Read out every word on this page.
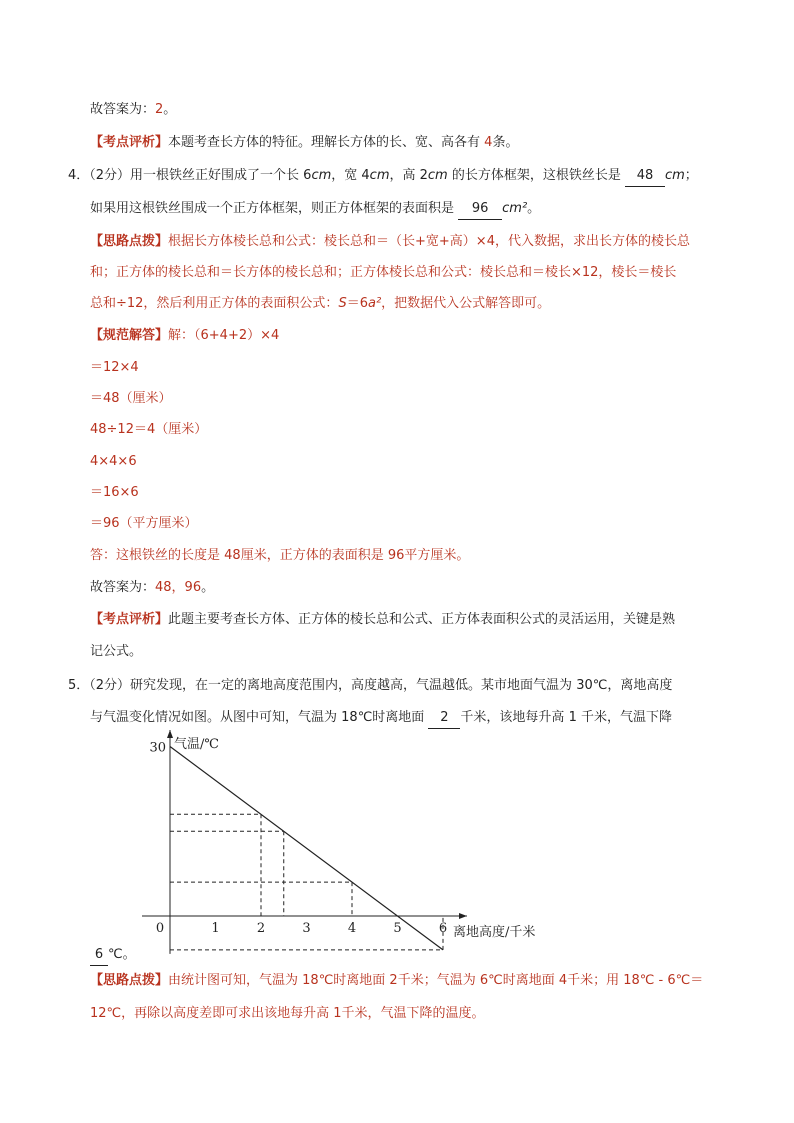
故答案为：2。
【考点评析】本题考查长方体的特征。理解长方体的长、宽、高各有 4条。
4．（2分）用一根铁丝正好围成了一个长 6cm，宽 4cm，高 2cm 的长方体框架，这根铁丝长是 48 cm；
如果用这根铁丝围成一个正方体框架，则正方体框架的表面积是 96 cm²。
【思路点拨】根据长方体棱长总和公式：棱长总和＝（长+宽+高）×4，代入数据，求出长方体的棱长总
和；正方体的棱长总和＝长方体的棱长总和；正方体棱长总和公式：棱长总和＝棱长×12，棱长＝棱长
总和÷12，然后利用正方体的表面积公式：S＝6a²，把数据代入公式解答即可。
【规范解答】解：（6+4+2）×4
＝12×4
＝48（厘米）
48÷12＝4（厘米）
4×4×6
＝16×6
＝96（平方厘米）
答：这根铁丝的长度是 48厘米，正方体的表面积是 96平方厘米。
故答案为：48，96。
【考点评析】此题主要考查长方体、正方体的棱长总和公式、正方体表面积公式的灵活运用，关键是熟
记公式。
5．（2分）研究发现，在一定的离地高度范围内，高度越高，气温越低。某市地面气温为 30℃，离地高度
与气温变化情况如图。从图中可知，气温为 18℃时离地面 2 千米，该地每升高 1 千米，气温下降
0	1	2	3	4	5	6
30 气温/℃
离地高度/千米
6 ℃。
【思路点拨】由统计图可知，气温为 18℃时离地面 2千米；气温为 6℃时离地面 4千米；用 18℃ - 6℃＝
12℃，再除以高度差即可求出该地每升高 1千米，气温下降的温度。
